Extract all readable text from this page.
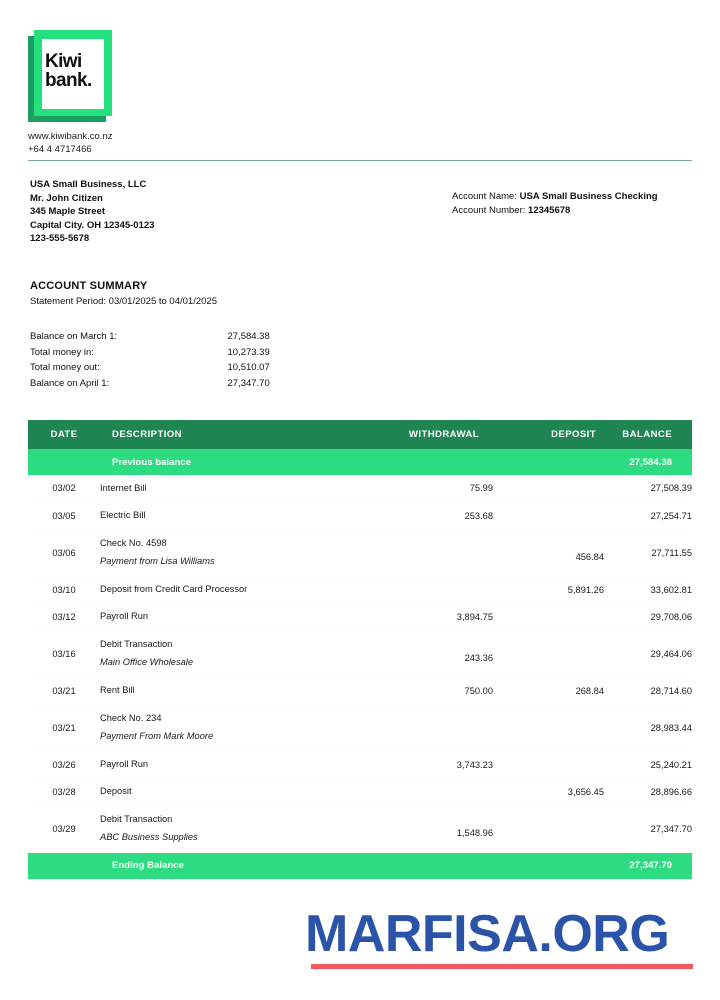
Kiwi
bank.
www.kiwibank.co.nz
+64 4 4717466
USA Small Business, LLC
Mr. John Citizen
345 Maple Street
Capital City. OH 12345-0123
123-555-5678
Account Name: USA Small Business Checking
Account Number: 12345678
ACCOUNT SUMMARY
Statement Period: 03/01/2025 to 04/01/2025
Balance on March 1:	27,584.38
Total money in:	10,273.39
Total money out:	10,510.07
Balance on April 1:	27,347.70
DATE	DESCRIPTION	WITHDRAWAL	DEPOSIT	BALANCE
	Previous balance			27,584.38
03/02	Internet Bill	75.99		27,508.39
03/05	Electric Bill	253.68		27,254.71
03/06	Check No. 4598
Payment from Lisa Williams		456.84	27,711.55
03/10	Deposit from Credit Card Processor		5,891.26	33,602.81
03/12	Payroll Run	3,894.75		29,708.06
03/16	Debit Transaction
Main Office Wholesale	243.36		29,464.06
03/21	Rent Bill	750.00	268.84	28,714.60
03/21	Check No. 234
Payment From Mark Moore			28,983.44
03/26	Payroll Run	3,743.23		25,240.21
03/28	Deposit		3,656.45	28,896.66
03/29	Debit Transaction
ABC Business Supplies	1,548.96		27,347.70
	Ending Balance			27,347.70
MARFISA.ORG
